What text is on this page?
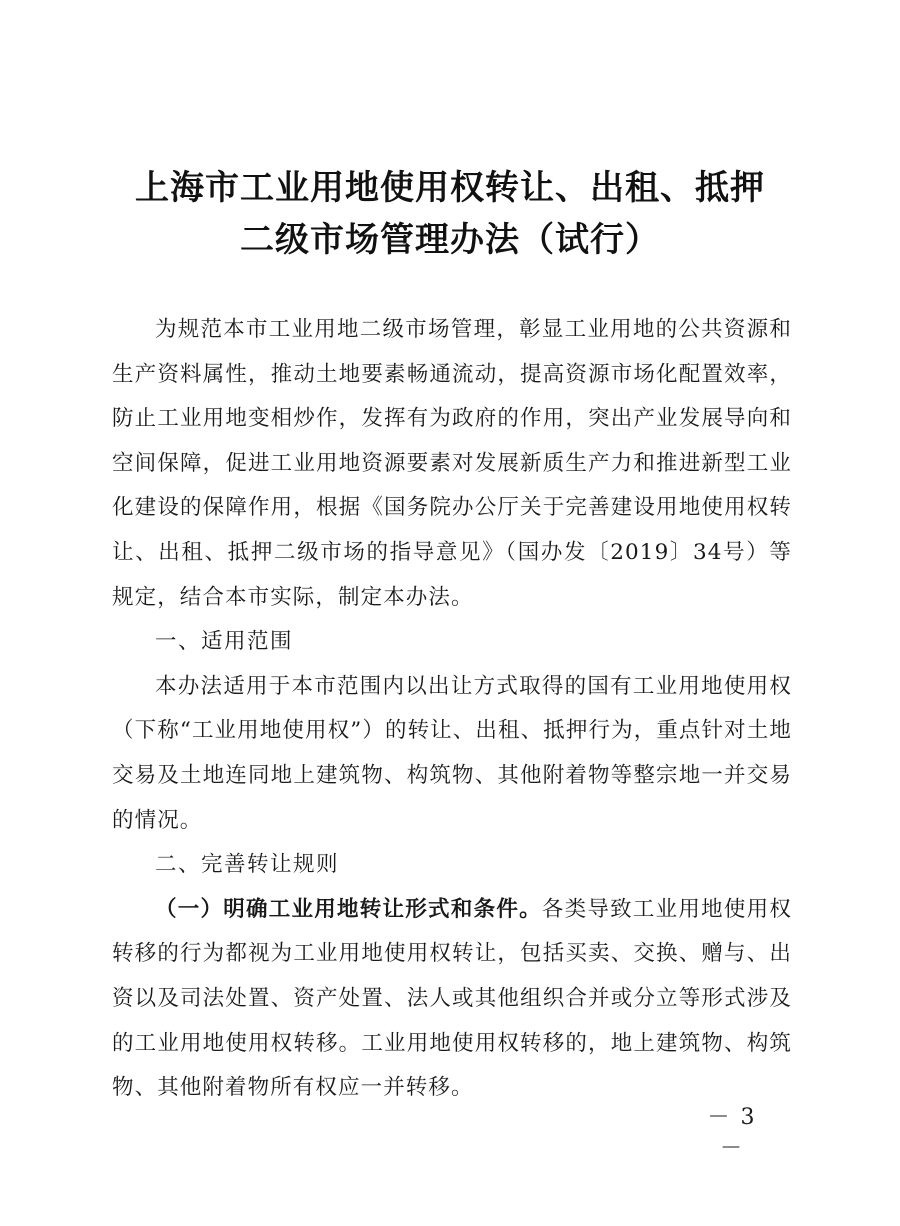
上海市工业用地使用权转让、出租、抵押
二级市场管理办法（试行）

为规范本市工业用地二级市场管理，彰显工业用地的公共资源和生产资料属性，推动土地要素畅通流动，提高资源市场化配置效率，防止工业用地变相炒作，发挥有为政府的作用，突出产业发展导向和空间保障，促进工业用地资源要素对发展新质生产力和推进新型工业化建设的保障作用，根据《国务院办公厅关于完善建设用地使用权转让、出租、抵押二级市场的指导意见》（国办发〔2019〕34号）等规定，结合本市实际，制定本办法。

一、适用范围

本办法适用于本市范围内以出让方式取得的国有工业用地使用权（下称“工业用地使用权”）的转让、出租、抵押行为，重点针对土地交易及土地连同地上建筑物、构筑物、其他附着物等整宗地一并交易的情况。

二、完善转让规则

（一）明确工业用地转让形式和条件。各类导致工业用地使用权转移的行为都视为工业用地使用权转让，包括买卖、交换、赠与、出资以及司法处置、资产处置、法人或其他组织合并或分立等形式涉及的工业用地使用权转移。工业用地使用权转移的，地上建筑物、构筑物、其他附着物所有权应一并转移。

－ 3 －
